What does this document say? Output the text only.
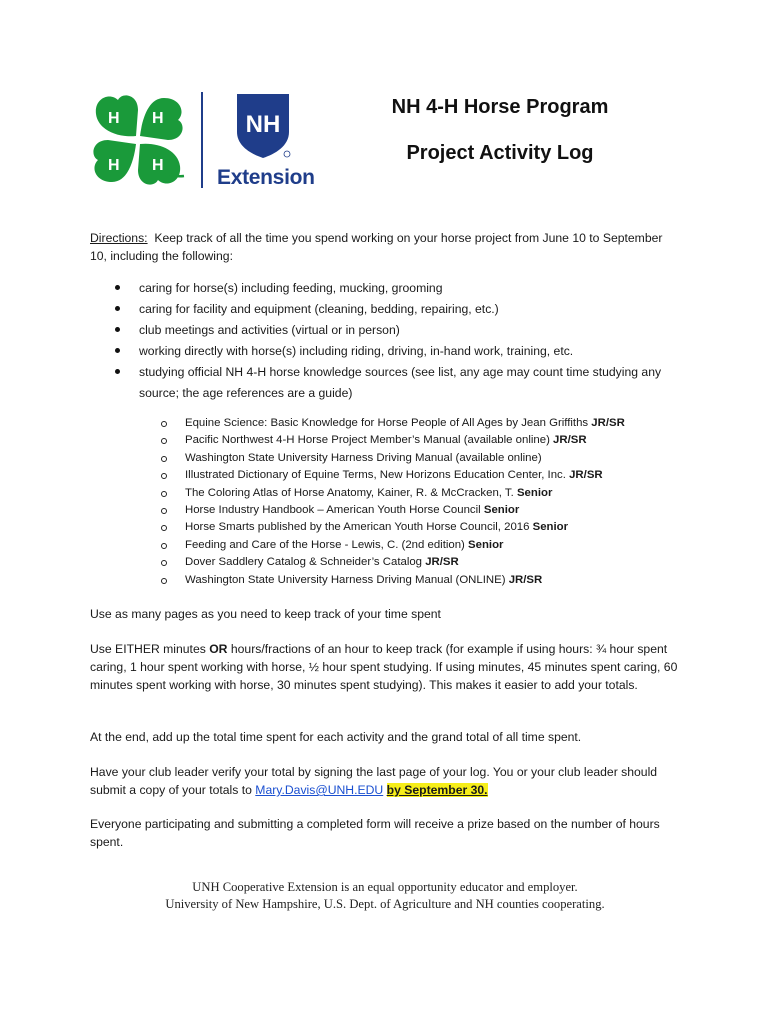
H H
H
H
NH
Extension
NH 4-H Horse Program
Project Activity Log
Directions: Keep track of all the time you spend working on your horse project from June 10 to September 10, including the following:
caring for horse(s) including feeding, mucking, grooming
caring for facility and equipment (cleaning, bedding, repairing, etc.)
club meetings and activities (virtual or in person)
working directly with horse(s) including riding, driving, in-hand work, training, etc.
studying official NH 4-H horse knowledge sources (see list, any age may count time studying any source; the age references are a guide)
Equine Science: Basic Knowledge for Horse People of All Ages by Jean Griffiths JR/SR
Pacific Northwest 4-H Horse Project Member’s Manual (available online) JR/SR
Washington State University Harness Driving Manual (available online)
Illustrated Dictionary of Equine Terms, New Horizons Education Center, Inc. JR/SR
The Coloring Atlas of Horse Anatomy, Kainer, R. & McCracken, T. Senior
Horse Industry Handbook – American Youth Horse Council Senior
Horse Smarts published by the American Youth Horse Council, 2016 Senior
Feeding and Care of the Horse - Lewis, C. (2nd edition) Senior
Dover Saddlery Catalog & Schneider’s Catalog JR/SR
Washington State University Harness Driving Manual (ONLINE) JR/SR
Use as many pages as you need to keep track of your time spent
Use EITHER minutes OR hours/fractions of an hour to keep track (for example if using hours: ¾ hour spent caring, 1 hour spent working with horse, ½ hour spent studying. If using minutes, 45 minutes spent caring, 60 minutes spent working with horse, 30 minutes spent studying). This makes it easier to add your totals.
At the end, add up the total time spent for each activity and the grand total of all time spent.
Have your club leader verify your total by signing the last page of your log. You or your club leader should submit a copy of your totals to Mary.Davis@UNH.EDU by September 30.
Everyone participating and submitting a completed form will receive a prize based on the number of hours spent.
UNH Cooperative Extension is an equal opportunity educator and employer.
University of New Hampshire, U.S. Dept. of Agriculture and NH counties cooperating.
